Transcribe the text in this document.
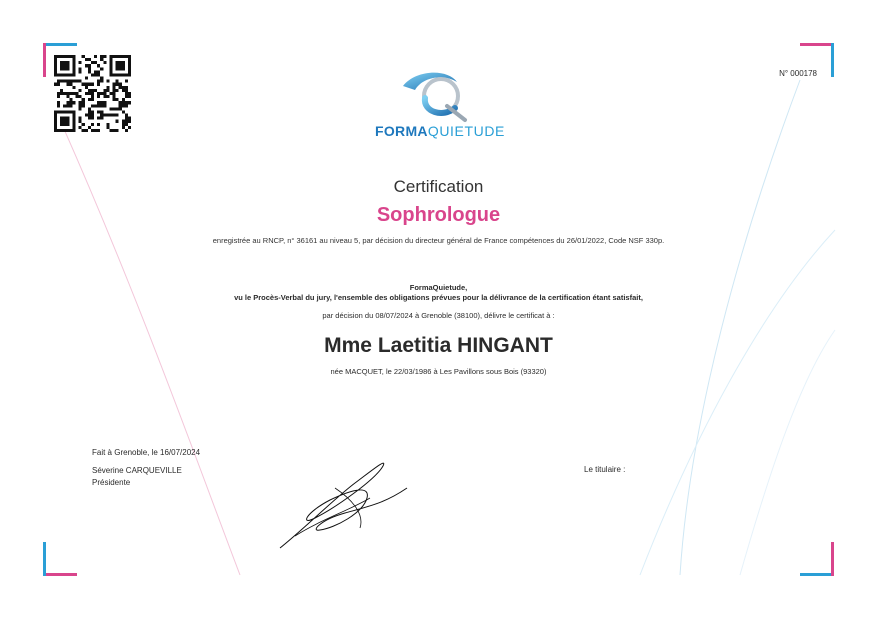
N° 000178
FORMAQUIETUDE
Certification
Sophrologue
enregistrée au RNCP, n° 36161 au niveau 5, par décision du directeur général de France compétences du 26/01/2022, Code NSF 330p.
FormaQuietude,
vu le Procès-Verbal du jury, l'ensemble des obligations prévues pour la délivrance de la certification étant satisfait,
par décision du 08/07/2024 à Grenoble (38100), délivre le certificat à :
Mme Laetitia HINGANT
née MACQUET, le 22/03/1986 à Les Pavillons sous Bois (93320)
Fait à Grenoble, le 16/07/2024
Séverine CARQUEVILLE
Présidente
Le titulaire :
